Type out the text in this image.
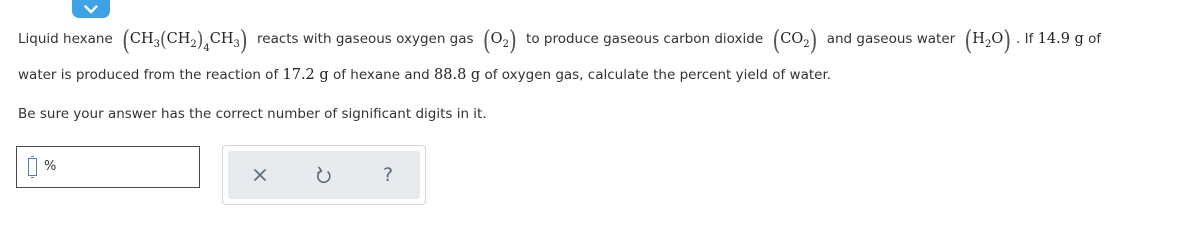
Liquid hexane ( CH 3 ( CH 2 ) 4
CH 3 ) reacts with gaseous oxygen gas ( O 2 ) to produce gaseous carbon dioxide ( CO 2 ) and gaseous water ( H 2 O ) . If 14.9 g of
water is produced from the reaction of 17.2 g of hexane and 88.8 g of oxygen gas, calculate the percent yield of water.
Be sure your answer has the correct number of significant digits in it.
%	?
